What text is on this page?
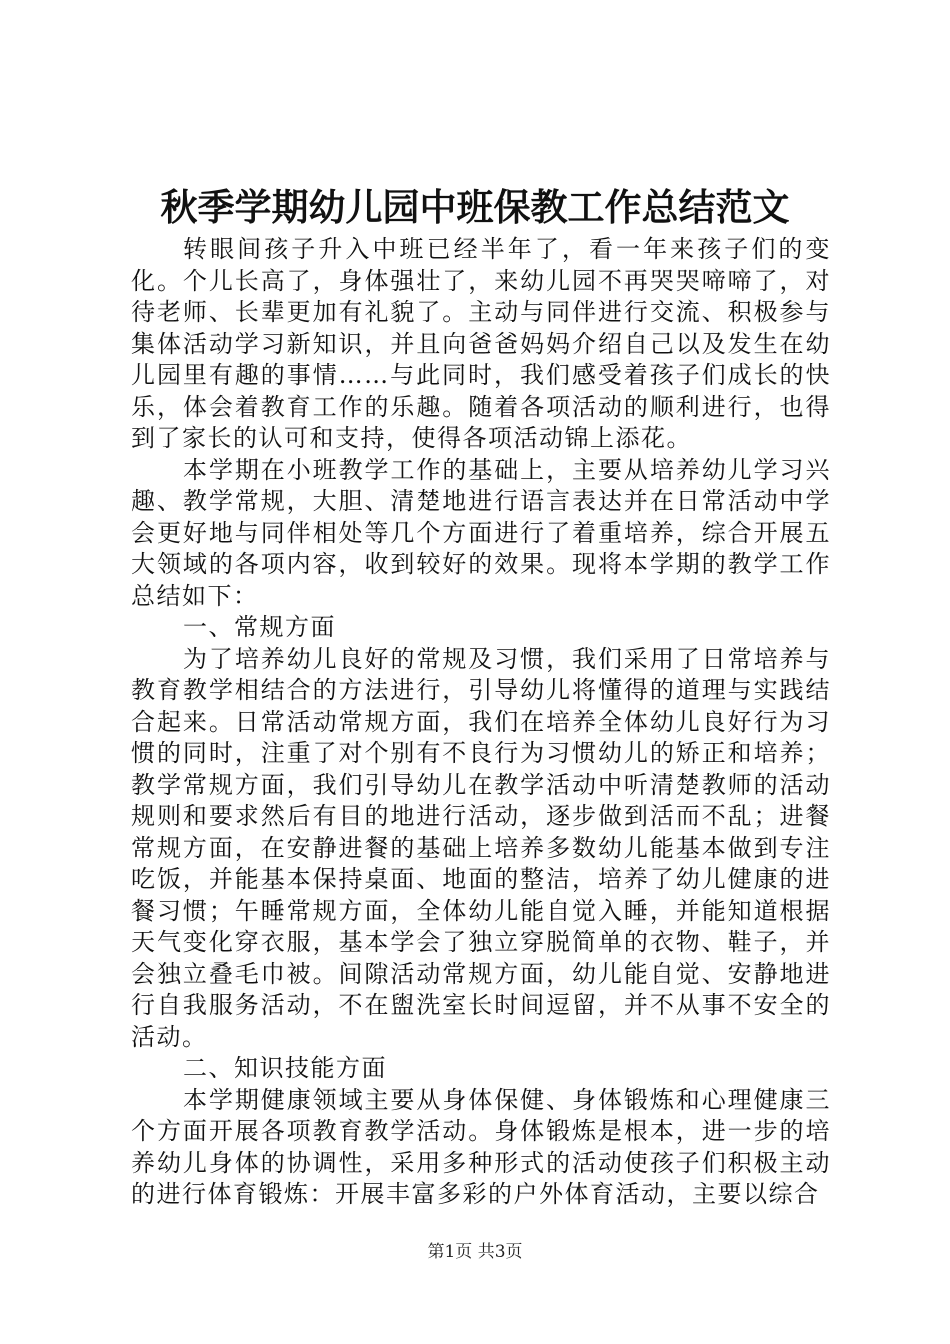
秋季学期幼儿园中班保教工作总结范文

转眼间孩子升入中班已经半年了，看一年来孩子们的变化。个儿长高了，身体强壮了，来幼儿园不再哭哭啼啼了，对待老师、长辈更加有礼貌了。主动与同伴进行交流、积极参与集体活动学习新知识，并且向爸爸妈妈介绍自己以及发生在幼儿园里有趣的事情……与此同时，我们感受着孩子们成长的快乐，体会着教育工作的乐趣。随着各项活动的顺利进行，也得到了家长的认可和支持，使得各项活动锦上添花。

本学期在小班教学工作的基础上，主要从培养幼儿学习兴趣、教学常规，大胆、清楚地进行语言表达并在日常活动中学会更好地与同伴相处等几个方面进行了着重培养，综合开展五大领域的各项内容，收到较好的效果。现将本学期的教学工作总结如下：

一、常规方面

为了培养幼儿良好的常规及习惯，我们采用了日常培养与教育教学相结合的方法进行，引导幼儿将懂得的道理与实践结合起来。日常活动常规方面，我们在培养全体幼儿良好行为习惯的同时，注重了对个别有不良行为习惯幼儿的矫正和培养；教学常规方面，我们引导幼儿在教学活动中听清楚教师的活动规则和要求然后有目的地进行活动，逐步做到活而不乱；进餐常规方面，在安静进餐的基础上培养多数幼儿能基本做到专注吃饭，并能基本保持桌面、地面的整洁，培养了幼儿健康的进餐习惯；午睡常规方面，全体幼儿能自觉入睡，并能知道根据天气变化穿衣服，基本学会了独立穿脱简单的衣物、鞋子，并会独立叠毛巾被。间隙活动常规方面，幼儿能自觉、安静地进行自我服务活动，不在盥洗室长时间逗留，并不从事不安全的活动。

二、知识技能方面

本学期健康领域主要从身体保健、身体锻炼和心理健康三个方面开展各项教育教学活动。身体锻炼是根本，进一步的培养幼儿身体的协调性，采用多种形式的活动使孩子们积极主动的进行体育锻炼：开展丰富多彩的户外体育活动，主要以综合

第1页 共3页
